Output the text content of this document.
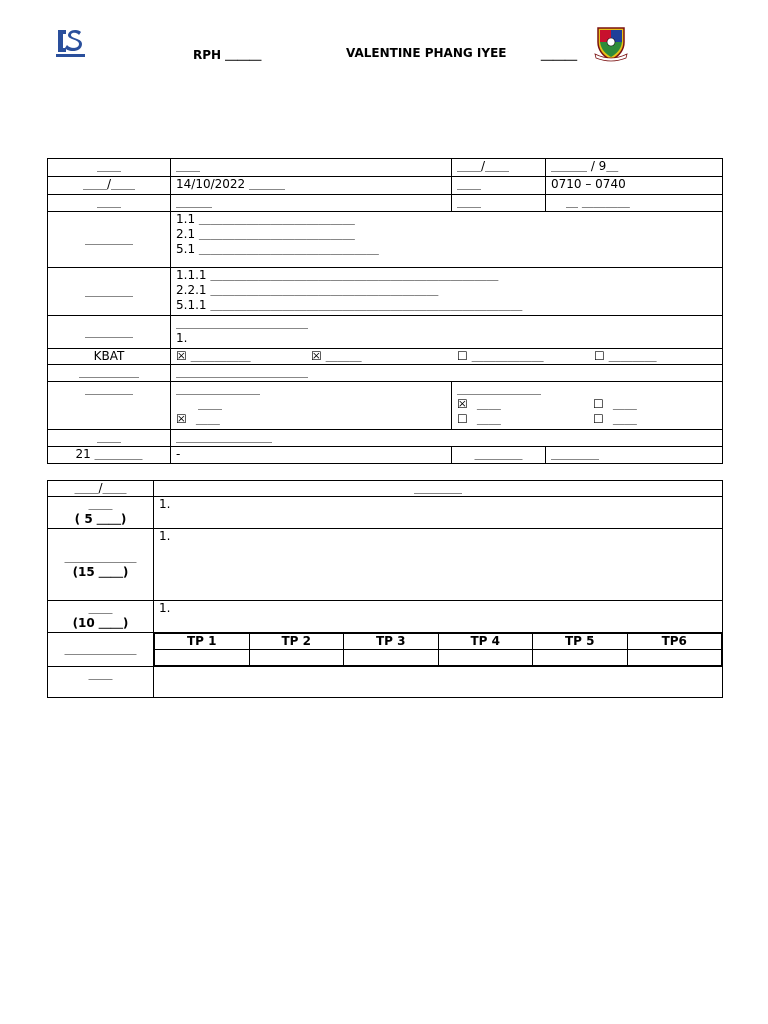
RPH ＿＿＿	VALENTINE PHANG IYEE	＿＿＿
＿＿	＿＿	＿＿/＿＿	＿＿＿ / 9＿
＿＿/＿＿	14/10/2022 ＿＿＿	＿＿	0710 – 0740
＿＿	＿＿＿	＿＿	＿ ＿＿＿＿
＿＿＿＿	1.1 ＿＿＿＿＿＿＿＿＿＿＿＿＿
2.1 ＿＿＿＿＿＿＿＿＿＿＿＿＿
5.1 ＿＿＿＿＿＿＿＿＿＿＿＿＿＿＿		

＿＿＿＿	1.1.1 ＿＿＿＿＿＿＿＿＿＿＿＿＿＿＿＿＿＿＿＿＿＿＿＿
2.2.1 ＿＿＿＿＿＿＿＿＿＿＿＿＿＿＿＿＿＿＿
5.1.1 ＿＿＿＿＿＿＿＿＿＿＿＿＿＿＿＿＿＿＿＿＿＿＿＿＿＿		

＿＿＿＿	＿＿＿＿＿＿＿＿＿＿＿
1.		

KBAT	☒ ＿＿＿＿＿ ☒ ＿＿＿ ☐ ＿＿＿＿＿＿ ☐ ＿＿＿＿		

＿＿＿＿＿	＿＿＿＿＿＿＿＿＿＿＿		
＿＿＿＿	＿＿＿＿＿＿＿
＿＿
☒ ＿＿	＿＿＿＿＿＿＿
☒ ＿＿ ☐ ＿＿
☐ ＿＿ ☐ ＿＿	

＿＿	＿＿＿＿＿＿＿＿		
21 ＿＿＿＿	-	＿＿＿＿	＿＿＿＿
＿＿/＿＿	＿＿＿＿

＿＿
( 5 ＿＿)
	1.

＿＿＿＿＿＿
(15 ＿＿)
	1.

＿＿
(10 ＿＿)
	1.
＿＿＿＿＿＿	
TP 1	TP 2	TP 3	TP 4	TP 5	TP6

＿＿	
